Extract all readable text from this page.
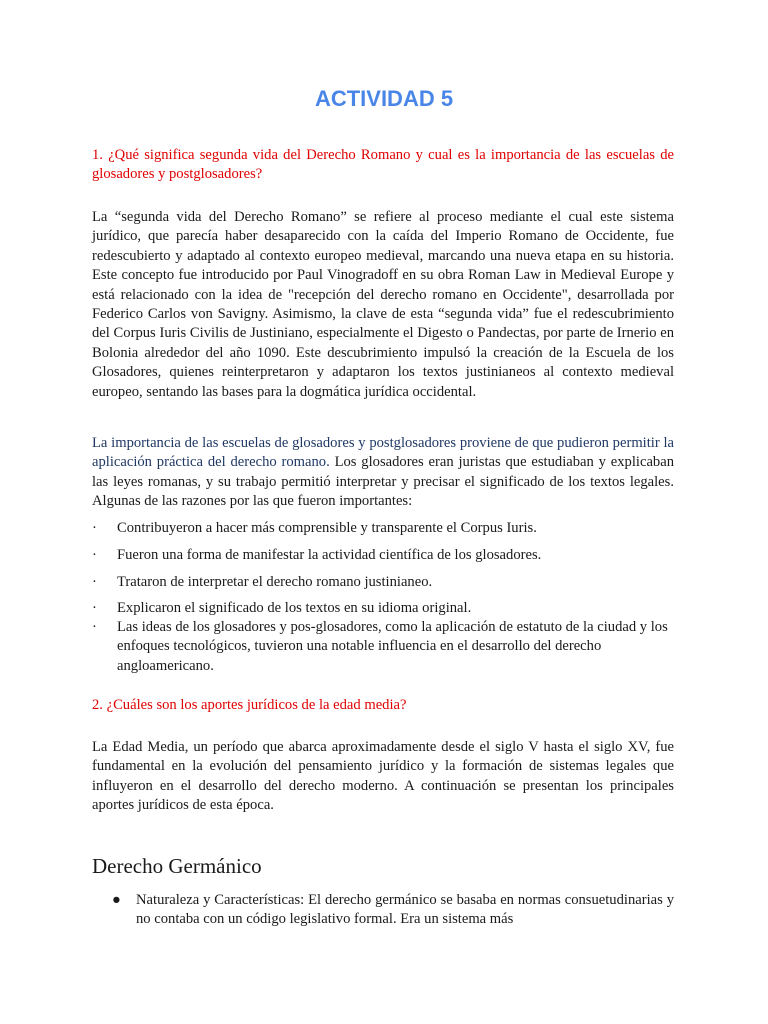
ACTIVIDAD 5
1. ¿Qué significa segunda vida del Derecho Romano y cual es la importancia de las escuelas de glosadores y postglosadores?
La “segunda vida del Derecho Romano” se refiere al proceso mediante el cual este sistema jurídico, que parecía haber desaparecido con la caída del Imperio Romano de Occidente, fue redescubierto y adaptado al contexto europeo medieval, marcando una nueva etapa en su historia. Este concepto fue introducido por Paul Vinogradoff en su obra Roman Law in Medieval Europe y está relacionado con la idea de "recepción del derecho romano en Occidente", desarrollada por Federico Carlos von Savigny. Asimismo, la clave de esta “segunda vida” fue el redescubrimiento del Corpus Iuris Civilis de Justiniano, especialmente el Digesto o Pandectas, por parte de Irnerio en Bolonia alrededor del año 1090. Este descubrimiento impulsó la creación de la Escuela de los Glosadores, quienes reinterpretaron y adaptaron los textos justinianeos al contexto medieval europeo, sentando las bases para la dogmática jurídica occidental.
La importancia de las escuelas de glosadores y postglosadores proviene de que pudieron permitir la aplicación práctica del derecho romano. Los glosadores eran juristas que estudiaban y explicaban las leyes romanas, y su trabajo permitió interpretar y precisar el significado de los textos legales. Algunas de las razones por las que fueron importantes:
·	Contribuyeron a hacer más comprensible y transparente el Corpus Iuris.
·	Fueron una forma de manifestar la actividad científica de los glosadores.
·	Trataron de interpretar el derecho romano justinianeo.
·	Explicaron el significado de los textos en su idioma original.
·	Las ideas de los glosadores y pos-glosadores, como la aplicación de estatuto de la ciudad y los enfoques tecnológicos, tuvieron una notable influencia en el desarrollo del derecho angloamericano.
2. ¿Cuáles son los aportes jurídicos de la edad media?
La Edad Media, un período que abarca aproximadamente desde el siglo V hasta el siglo XV, fue fundamental en la evolución del pensamiento jurídico y la formación de sistemas legales que influyeron en el desarrollo del derecho moderno. A continuación se presentan los principales aportes jurídicos de esta época.
Derecho Germánico
● Naturaleza y Características: El derecho germánico se basaba en normas consuetudinarias y no contaba con un código legislativo formal. Era un sistema más
